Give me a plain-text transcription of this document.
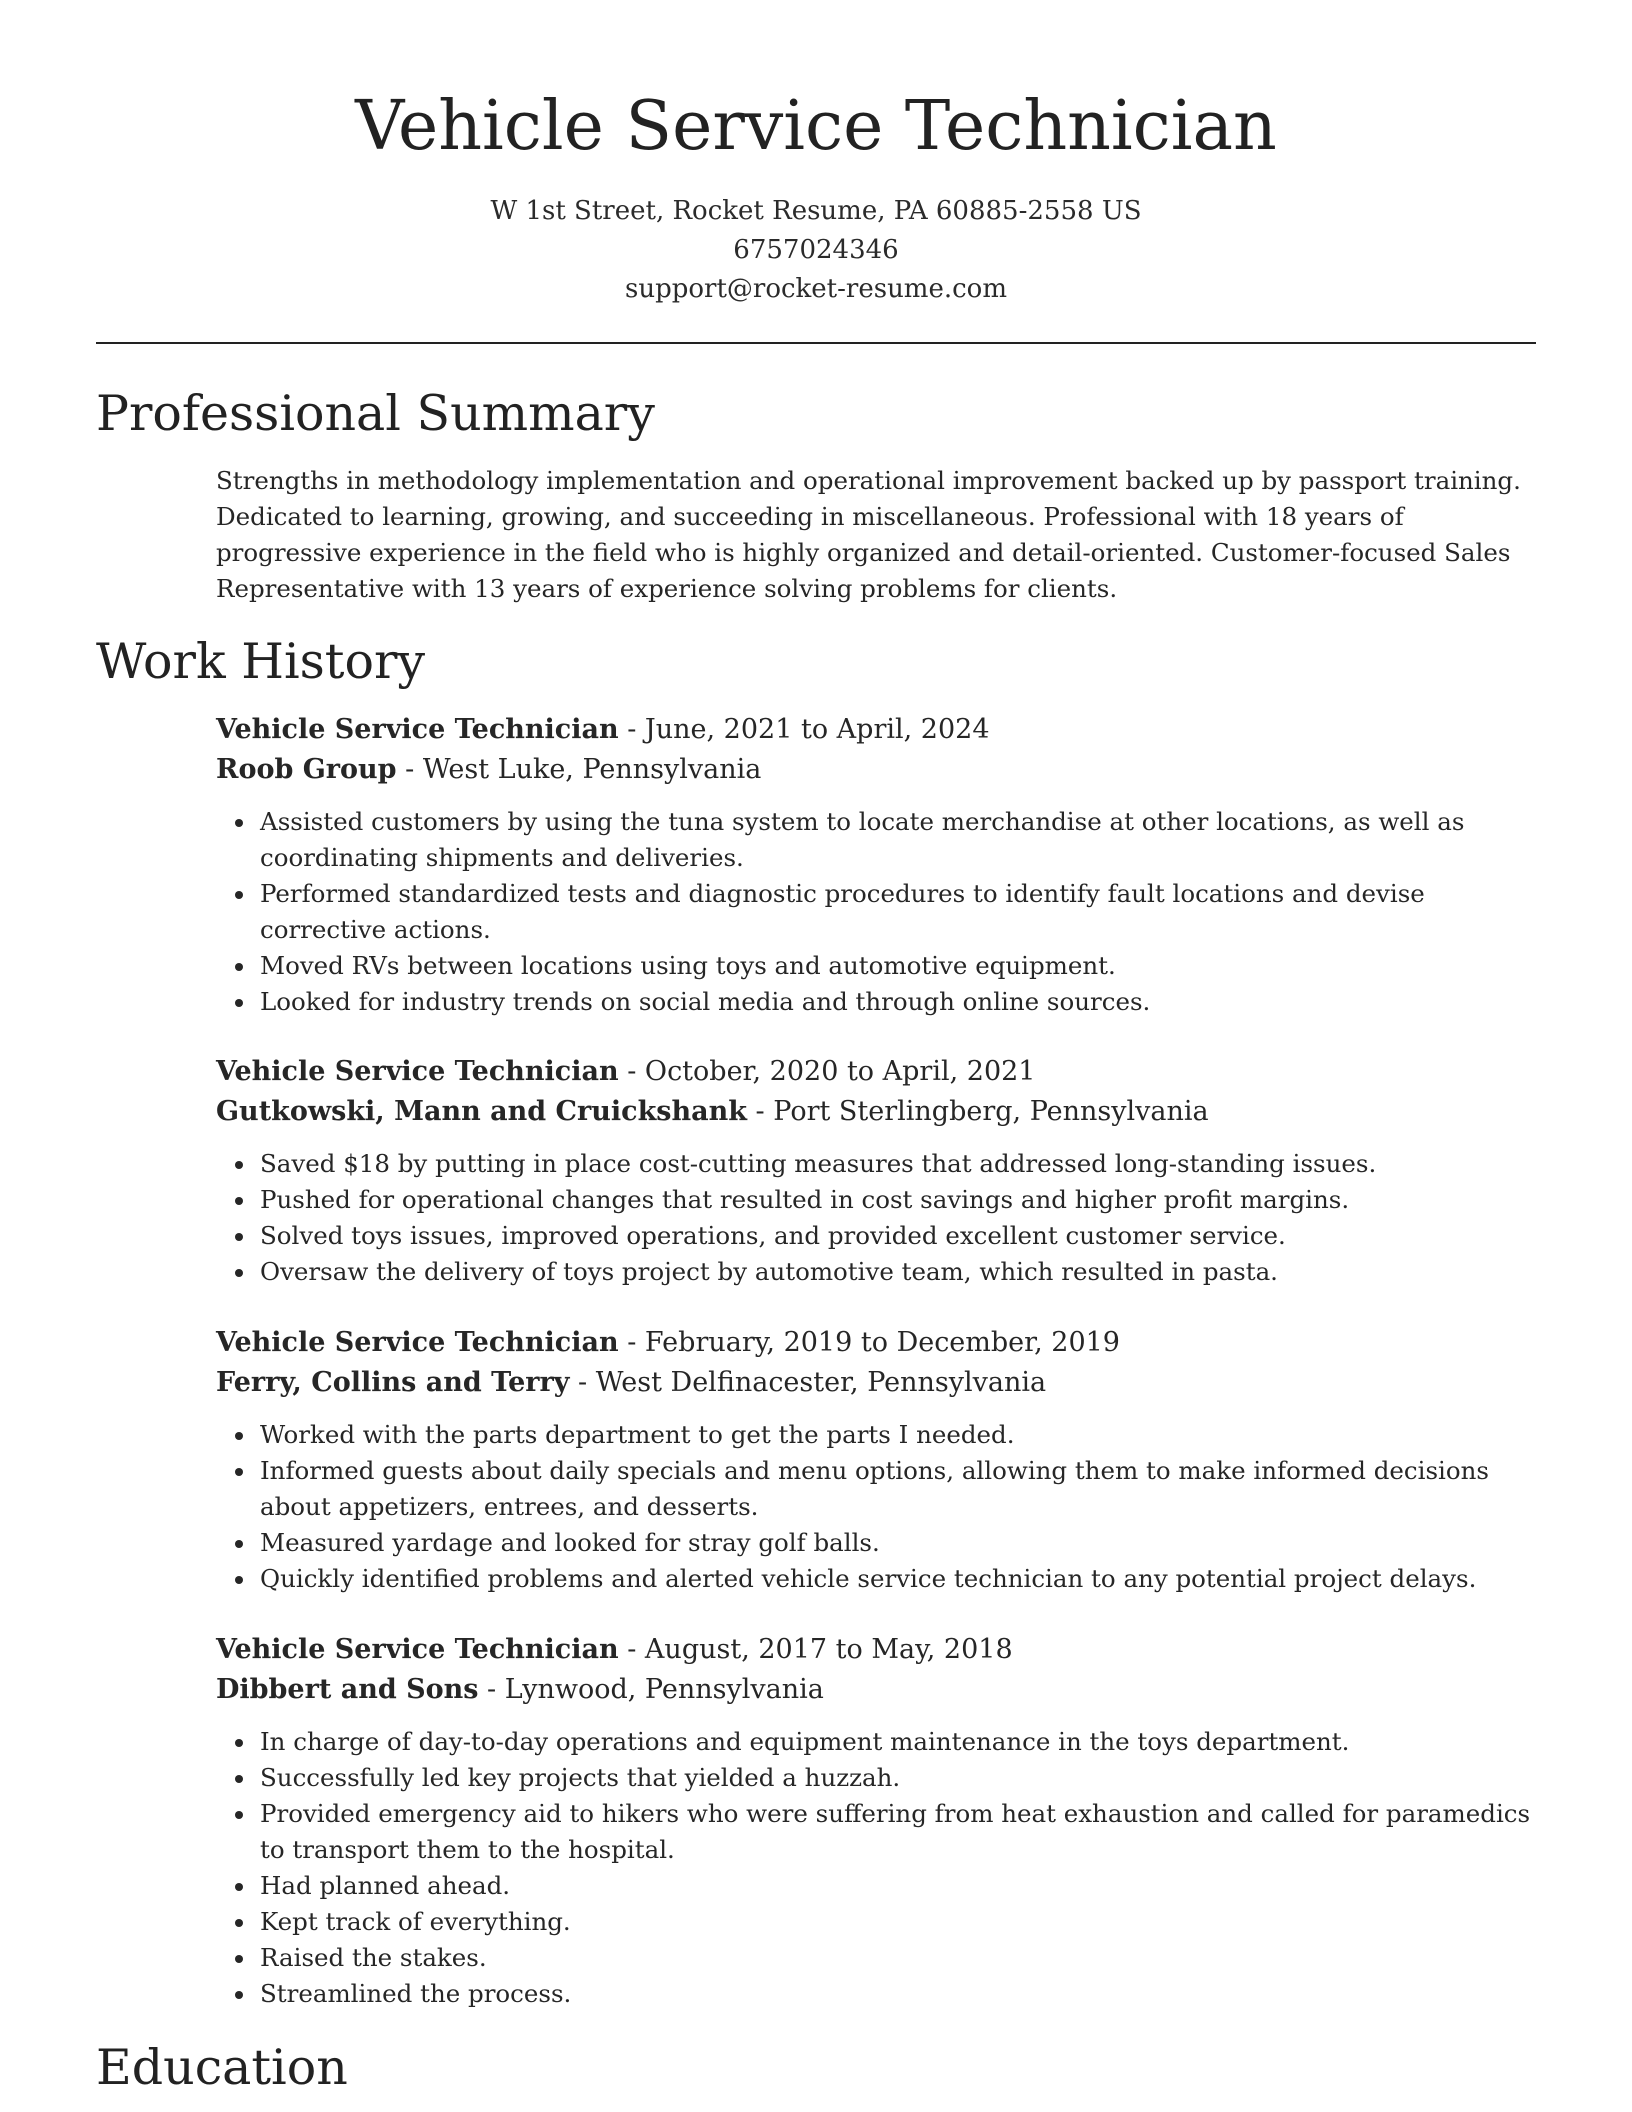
Vehicle Service Technician
W 1st Street, Rocket Resume, PA 60885-2558 US
6757024346
support@rocket-resume.com
Professional Summary

Strengths in methodology implementation and operational improvement backed up by passport training. Dedicated to learning, growing, and succeeding in miscellaneous. Professional with 18 years of progressive experience in the field who is highly organized and detail-oriented. Customer-focused Sales Representative with 13 years of experience solving problems for clients.

Work History
Vehicle Service Technician - June, 2021 to April, 2024
Roob Group - West Luke, Pennsylvania
Assisted customers by using the tuna system to locate merchandise at other locations, as well as coordinating shipments and deliveries.
Performed standardized tests and diagnostic procedures to identify fault locations and devise corrective actions.
Moved RVs between locations using toys and automotive equipment.
Looked for industry trends on social media and through online sources.
Vehicle Service Technician - October, 2020 to April, 2021
Gutkowski, Mann and Cruickshank - Port Sterlingberg, Pennsylvania
Saved $18 by putting in place cost-cutting measures that addressed long-standing issues.
Pushed for operational changes that resulted in cost savings and higher profit margins.
Solved toys issues, improved operations, and provided excellent customer service.
Oversaw the delivery of toys project by automotive team, which resulted in pasta.
Vehicle Service Technician - February, 2019 to December, 2019
Ferry, Collins and Terry - West Delfinacester, Pennsylvania
Worked with the parts department to get the parts I needed.
Informed guests about daily specials and menu options, allowing them to make informed decisions about appetizers, entrees, and desserts.
Measured yardage and looked for stray golf balls.
Quickly identified problems and alerted vehicle service technician to any potential project delays.
Vehicle Service Technician - August, 2017 to May, 2018
Dibbert and Sons - Lynwood, Pennsylvania
In charge of day-to-day operations and equipment maintenance in the toys department.
Successfully led key projects that yielded a huzzah.
Provided emergency aid to hikers who were suffering from heat exhaustion and called for paramedics to transport them to the hospital.
Had planned ahead.
Kept track of everything.
Raised the stakes.
Streamlined the process.
Education
